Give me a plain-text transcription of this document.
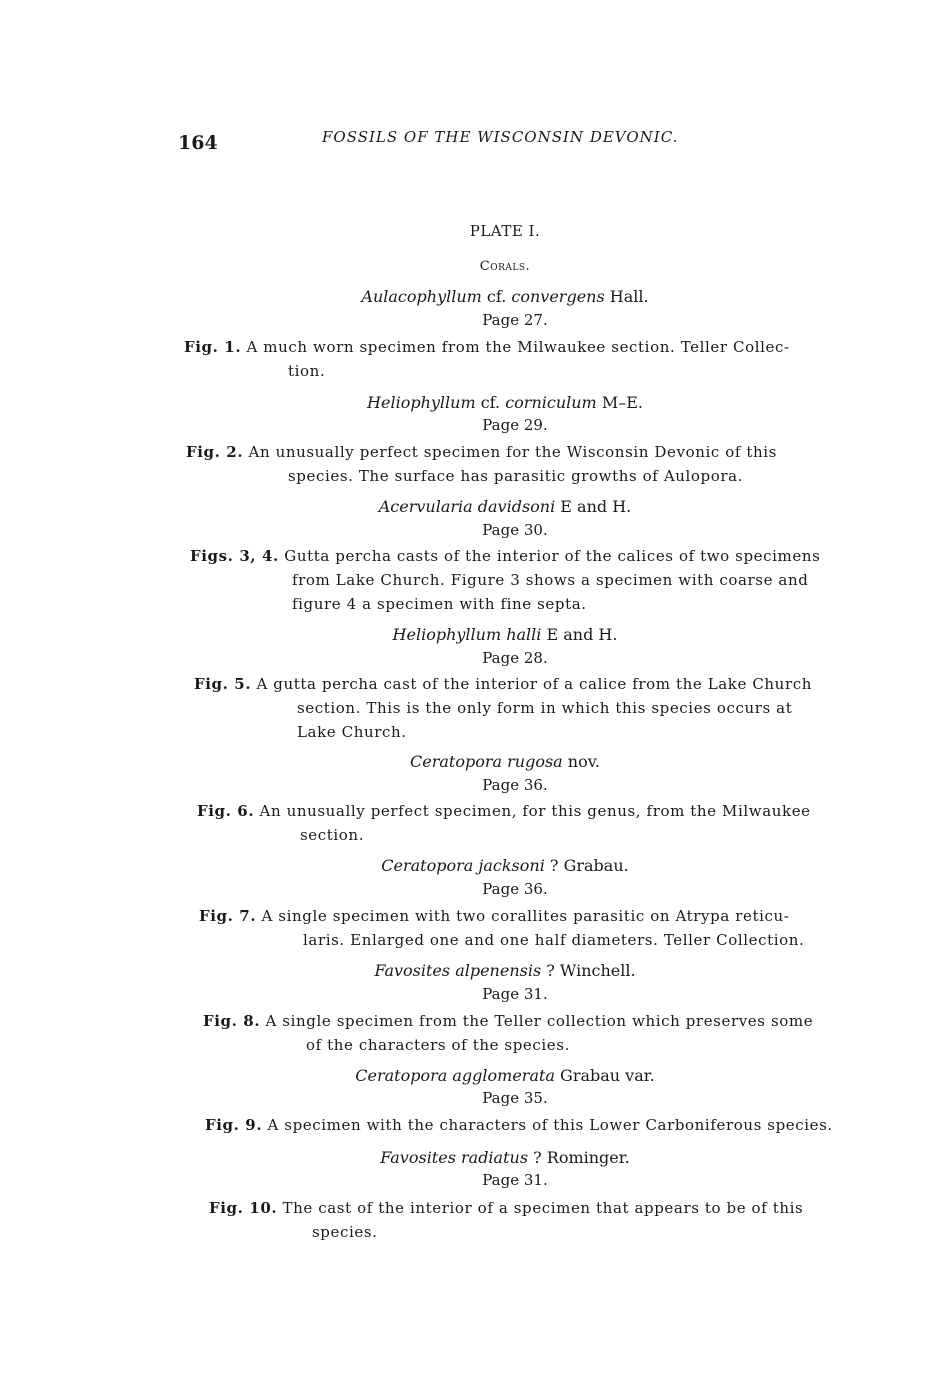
164	FOSSILS OF THE WISCONSIN DEVONIC.
PLATE I.
Corals.
Aulacophyllum cf. convergens Hall.
Page 27.
Fig. 1. A much worn specimen from the Milwaukee section. Teller Collec-
tion.
Heliophyllum cf. corniculum M–E.
Page 29.
Fig. 2. An unusually perfect specimen for the Wisconsin Devonic of this
species. The surface has parasitic growths of Aulopora.
Acervularia davidsoni E and H.
Page 30.
Figs. 3, 4. Gutta percha casts of the interior of the calices of two specimens
from Lake Church. Figure 3 shows a specimen with coarse and
figure 4 a specimen with fine septa.
Heliophyllum halli E and H.
Page 28.
Fig. 5. A gutta percha cast of the interior of a calice from the Lake Church
section. This is the only form in which this species occurs at
Lake Church.
Ceratopora rugosa nov.
Page 36.
Fig. 6. An unusually perfect specimen, for this genus, from the Milwaukee
section.
Ceratopora jacksoni ? Grabau.
Page 36.
Fig. 7. A single specimen with two corallites parasitic on Atrypa reticu-
laris. Enlarged one and one half diameters. Teller Collection.
Favosites alpenensis ? Winchell.
Page 31.
Fig. 8. A single specimen from the Teller collection which preserves some
of the characters of the species.
Ceratopora agglomerata Grabau var.
Page 35.
Fig. 9. A specimen with the characters of this Lower Carboniferous species.
Favosites radiatus ? Rominger.
Page 31.
Fig. 10. The cast of the interior of a specimen that appears to be of this
species.
